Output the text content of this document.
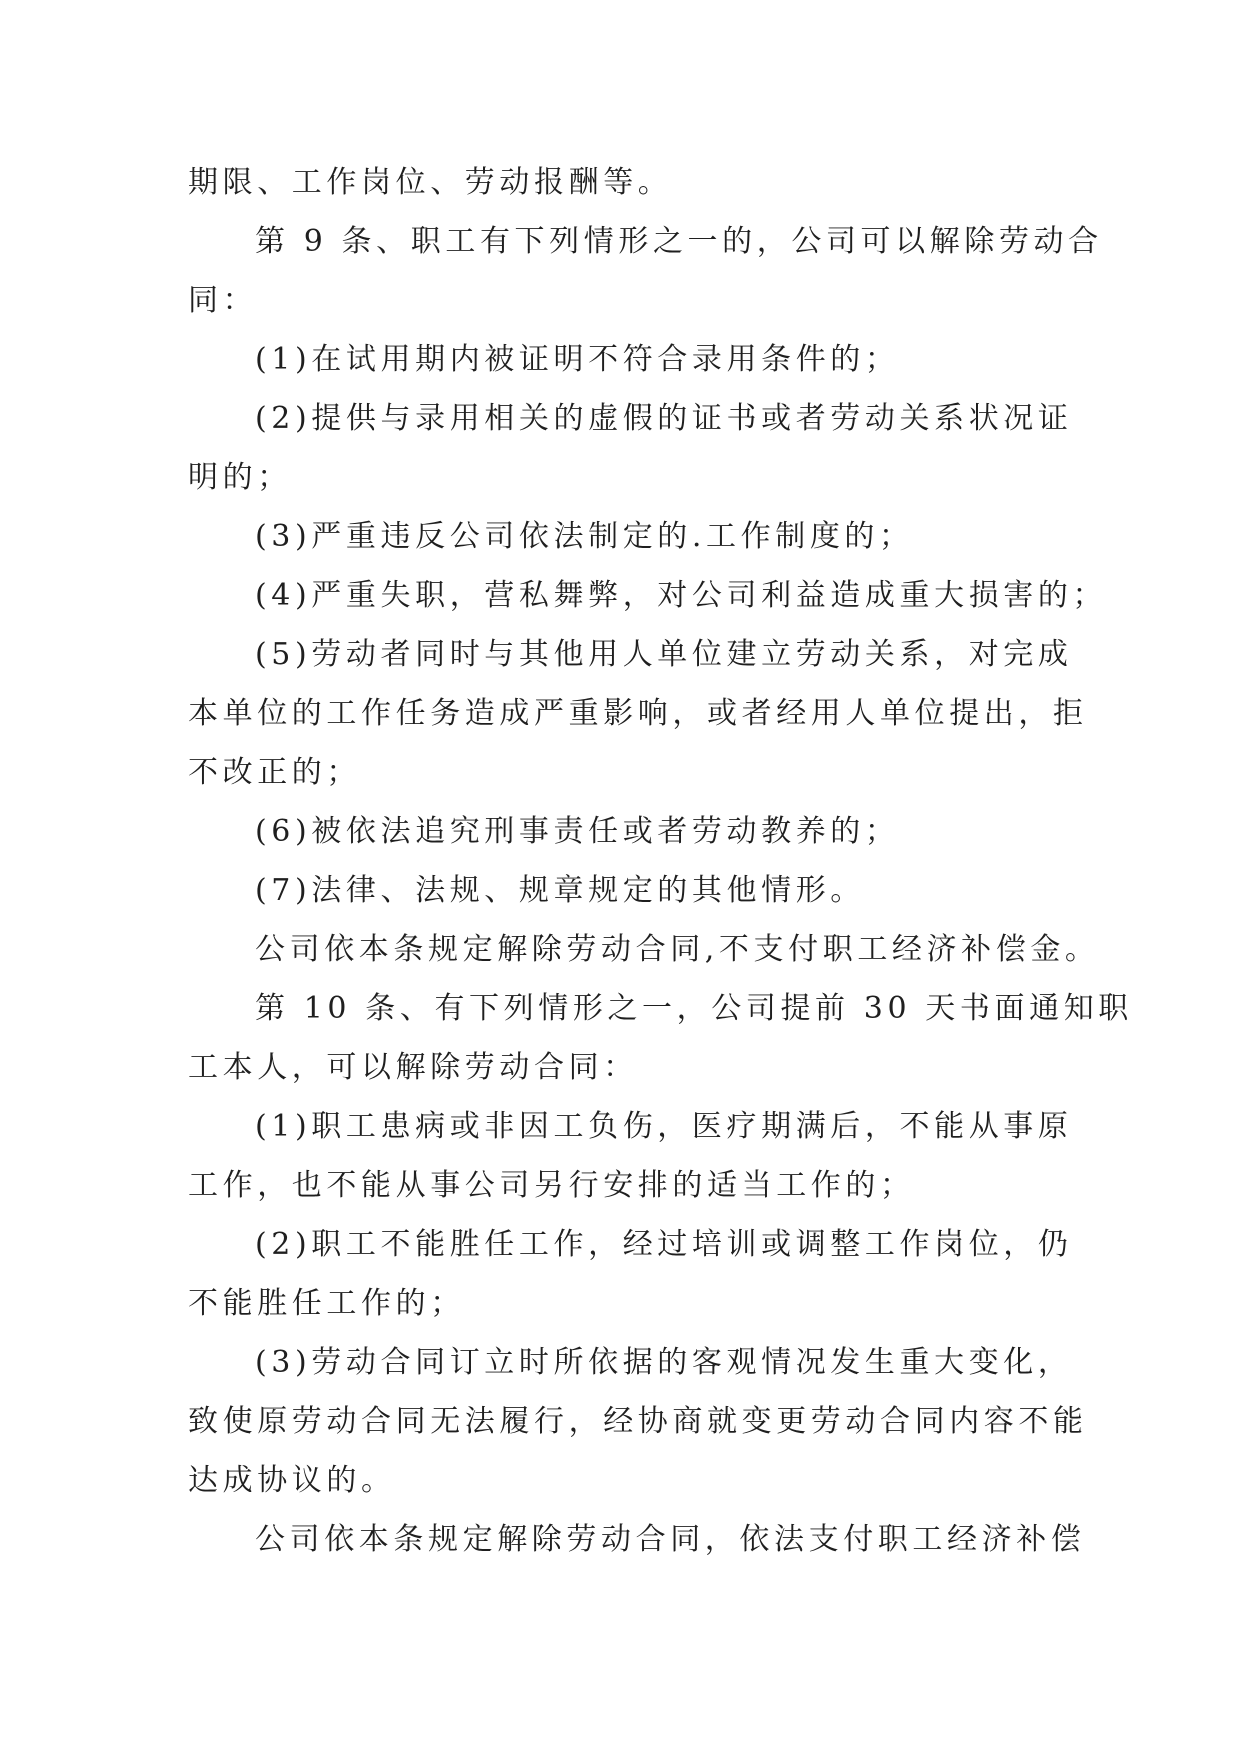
期限、工作岗位、劳动报酬等。
第 9 条、职工有下列情形之一的，公司可以解除劳动合
同：
(1)在试用期内被证明不符合录用条件的；
(2)提供与录用相关的虚假的证书或者劳动关系状况证
明的；
(3)严重违反公司依法制定的.工作制度的；
(4)严重失职，营私舞弊，对公司利益造成重大损害的；
(5)劳动者同时与其他用人单位建立劳动关系，对完成
本单位的工作任务造成严重影响，或者经用人单位提出，拒
不改正的；
(6)被依法追究刑事责任或者劳动教养的；
(7)法律、法规、规章规定的其他情形。
公司依本条规定解除劳动合同,不支付职工经济补偿金。
第 10 条、有下列情形之一，公司提前 30 天书面通知职
工本人，可以解除劳动合同：
(1)职工患病或非因工负伤，医疗期满后，不能从事原
工作，也不能从事公司另行安排的适当工作的；
(2)职工不能胜任工作，经过培训或调整工作岗位，仍
不能胜任工作的；
(3)劳动合同订立时所依据的客观情况发生重大变化，
致使原劳动合同无法履行，经协商就变更劳动合同内容不能
达成协议的。
公司依本条规定解除劳动合同，依法支付职工经济补偿
